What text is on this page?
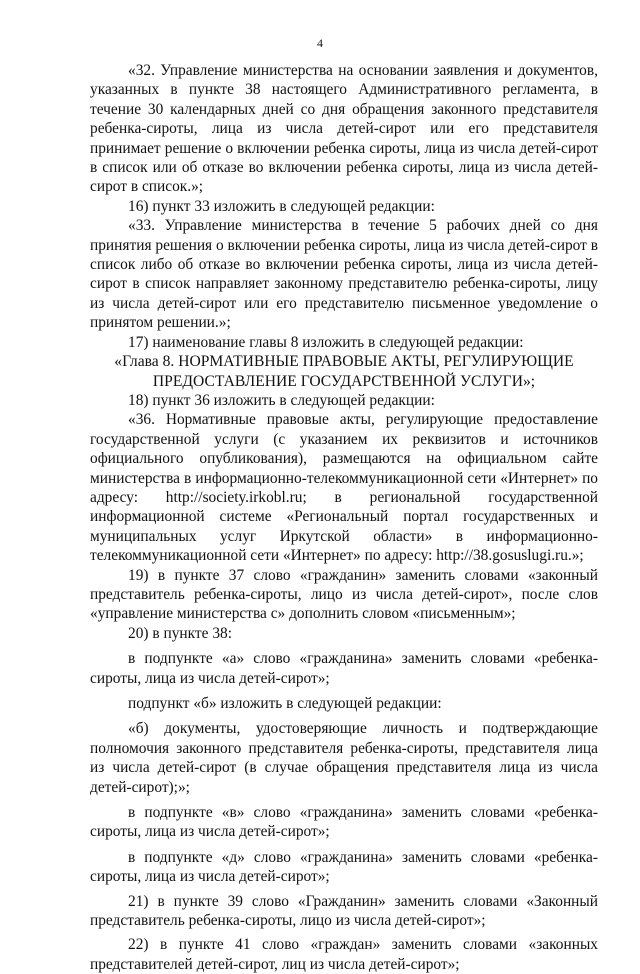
4

«32. Управление министерства на основании заявления и документов, указанных в пункте 38 настоящего Административного регламента, в течение 30 календарных дней со дня обращения законного представителя ребенка-сироты, лица из числа детей-сирот или его представителя принимает решение о включении ребенка сироты, лица из числа детей-сирот в список или об отказе во включении ребенка сироты, лица из числа детей-сирот в список.»;

16) пункт 33 изложить в следующей редакции:

«33. Управление министерства в течение 5 рабочих дней со дня принятия решения о включении ребенка сироты, лица из числа детей-сирот в список либо об отказе во включении ребенка сироты, лица из числа детей-сирот в список направляет законному представителю ребенка-сироты, лицу из числа детей-сирот или его представителю письменное уведомление о принятом решении.»;

17) наименование главы 8 изложить в следующей редакции:

«Глава 8. НОРМАТИВНЫЕ ПРАВОВЫЕ АКТЫ, РЕГУЛИРУЮЩИЕ ПРЕДОСТАВЛЕНИЕ ГОСУДАРСТВЕННОЙ УСЛУГИ»;

18) пункт 36 изложить в следующей редакции:

«36. Нормативные правовые акты, регулирующие предоставление государственной услуги (с указанием их реквизитов и источников официального опубликования), размещаются на официальном сайте министерства в информационно-телекоммуникационной сети «Интернет» по адресу: http://society.irkobl.ru; в региональной государственной информационной системе «Региональный портал государственных и муниципальных услуг Иркутской области» в информационно-телекоммуникационной сети «Интернет» по адресу: http://38.gosuslugi.ru.»;

19) в пункте 37 слово «гражданин» заменить словами «законный представитель ребенка-сироты, лицо из числа детей-сирот», после слов «управление министерства с» дополнить словом «письменным»;

20) в пункте 38:

в подпункте «а» слово «гражданина» заменить словами «ребенка-сироты, лица из числа детей-сирот»;

подпункт «б» изложить в следующей редакции:

«б) документы, удостоверяющие личность и подтверждающие полномочия законного представителя ребенка-сироты, представителя лица из числа детей-сирот (в случае обращения представителя лица из числа детей-сирот);»;

в подпункте «в» слово «гражданина» заменить словами «ребенка-сироты, лица из числа детей-сирот»;

в подпункте «д» слово «гражданина» заменить словами «ребенка-сироты, лица из числа детей-сирот»;

21) в пункте 39 слово «Гражданин» заменить словами «Законный представитель ребенка-сироты, лицо из числа детей-сирот»;

22) в пункте 41 слово «граждан» заменить словами «законных представителей детей-сирот, лиц из числа детей-сирот»;
